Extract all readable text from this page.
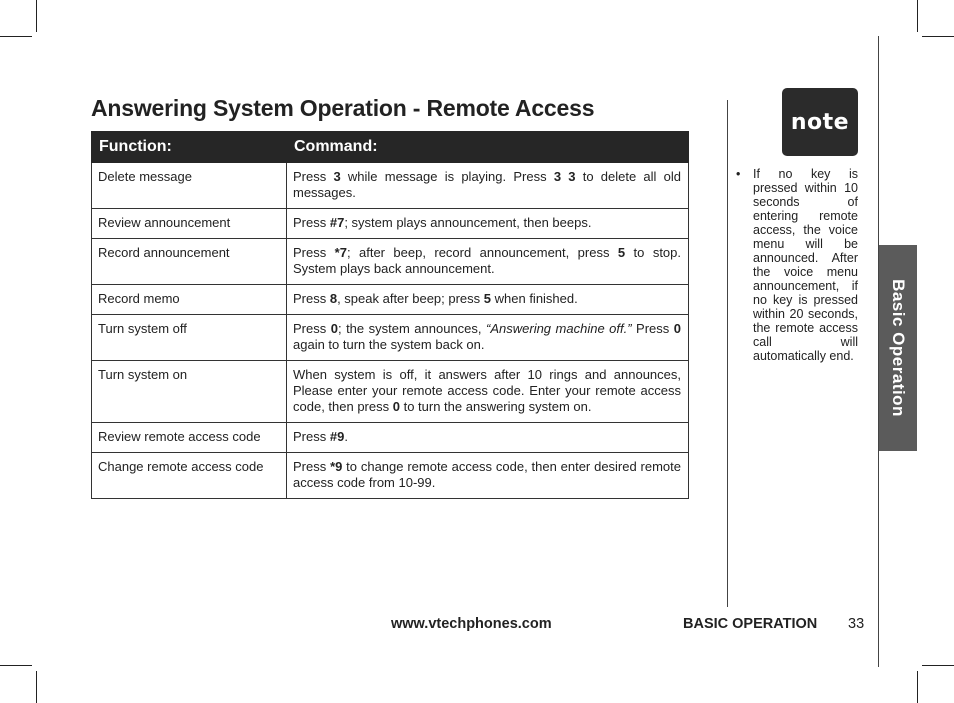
Answering System Operation - Remote Access
Function:	Command:
Delete message	Press 3 while message is playing. Press 3 3 to delete all old messages.
Review announcement	Press #7; system plays announcement, then beeps.
Record announcement	Press *7; after beep, record announcement, press 5 to stop. System plays back announcement.
Record memo	Press 8, speak after beep; press 5 when finished.
Turn system off	Press 0; the system announces, “Answering machine off.” Press 0 again to turn the system back on.
Turn system on	When system is off, it answers after 10 rings and announces, Please enter your remote access code. Enter your remote access code, then press 0 to turn the answering system on.
Review remote access code	Press #9.
Change remote access code	Press *9 to change remote access code, then enter desired remote access code from 10-99.
note
• If no key is pressed within 10 seconds of entering remote access, the voice menu will be announced. After the voice menu announcement, if no key is pressed within 20 seconds, the remote access call will automatically end. Basic Operation
www.vtechphones.com	BASIC OPERATION 33
